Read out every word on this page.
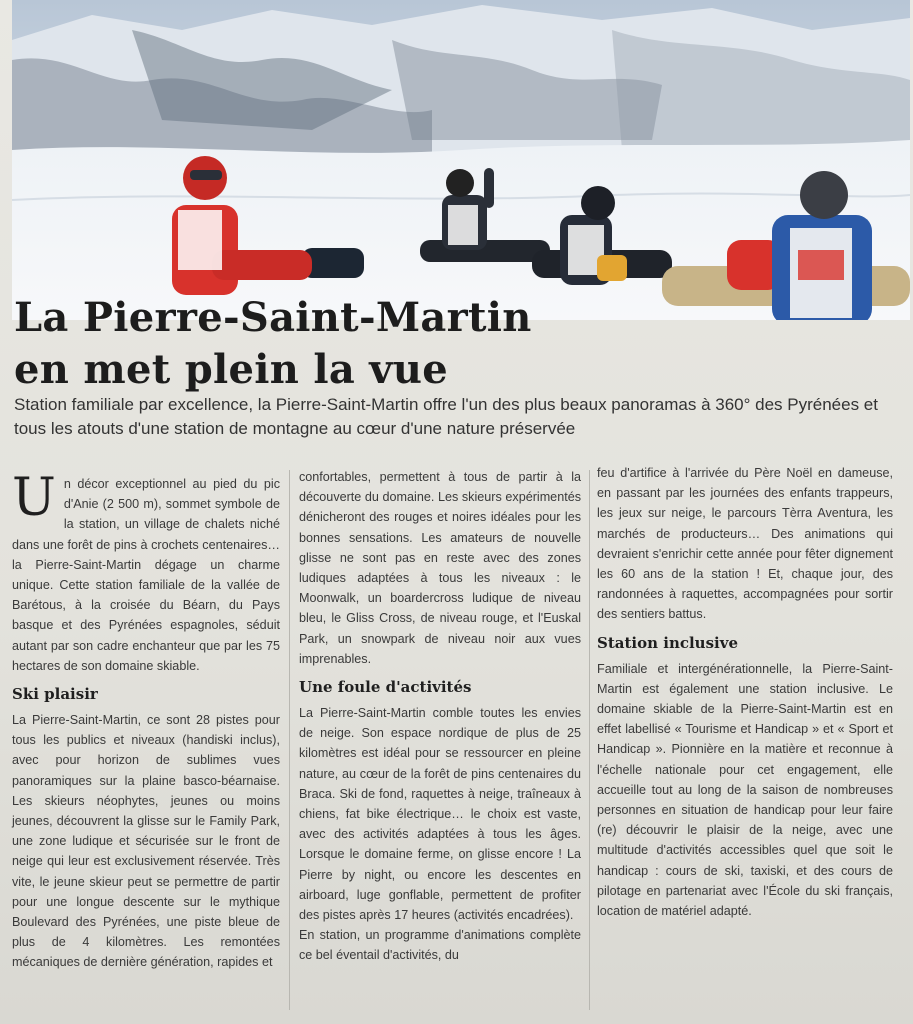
La Pierre-Saint-Martin
en met plein la vue

Station familiale par excellence, la Pierre-Saint-Martin offre l'un des plus beaux panoramas à 360° des Pyrénées et tous les atouts d'une station de montagne au cœur d'une nature préservée

Un décor exceptionnel au pied du pic d'Anie (2 500 m), sommet symbole de la station, un village de chalets niché dans une forêt de pins à crochets centenaires… la Pierre-Saint-Martin dégage un charme unique. Cette station familiale de la vallée de Barétous, à la croisée du Béarn, du Pays basque et des Pyrénées espagnoles, séduit autant par son cadre enchanteur que par les 75 hectares de son domaine skiable.

Ski plaisir

La Pierre-Saint-Martin, ce sont 28 pistes pour tous les publics et niveaux (handiski inclus), avec pour horizon de sublimes vues panoramiques sur la plaine basco-béarnaise. Les skieurs néophytes, jeunes ou moins jeunes, découvrent la glisse sur le Family Park, une zone ludique et sécurisée sur le front de neige qui leur est exclusivement réservée. Très vite, le jeune skieur peut se permettre de partir pour une longue descente sur le mythique Boulevard des Pyrénées, une piste bleue de plus de 4 kilomètres. Les remontées mécaniques de dernière génération, rapides et

confortables, permettent à tous de partir à la découverte du domaine. Les skieurs expérimentés dénicheront des rouges et noires idéales pour les bonnes sensations. Les amateurs de nouvelle glisse ne sont pas en reste avec des zones ludiques adaptées à tous les niveaux : le Moonwalk, un boardercross ludique de niveau bleu, le Gliss Cross, de niveau rouge, et l'Euskal Park, un snowpark de niveau noir aux vues imprenables.

Une foule d'activités

La Pierre-Saint-Martin comble toutes les envies de neige. Son espace nordique de plus de 25 kilomètres est idéal pour se ressourcer en pleine nature, au cœur de la forêt de pins centenaires du Braca. Ski de fond, raquettes à neige, traîneaux à chiens, fat bike électrique… le choix est vaste, avec des activités adaptées à tous les âges. Lorsque le domaine ferme, on glisse encore ! La Pierre by night, ou encore les descentes en airboard, luge gonflable, permettent de profiter des pistes après 17 heures (activités encadrées).

En station, un programme d'animations complète ce bel éventail d'activités, du

feu d'artifice à l'arrivée du Père Noël en dameuse, en passant par les journées des enfants trappeurs, les jeux sur neige, le parcours Tèrra Aventura, les marchés de producteurs… Des animations qui devraient s'enrichir cette année pour fêter dignement les 60 ans de la station ! Et, chaque jour, des randonnées à raquettes, accompagnées pour sortir des sentiers battus.

Station inclusive

Familiale et intergénérationnelle, la Pierre-Saint-Martin est également une station inclusive. Le domaine skiable de la Pierre-Saint-Martin est en effet labellisé « Tourisme et Handicap » et « Sport et Handicap ». Pionnière en la matière et reconnue à l'échelle nationale pour cet engagement, elle accueille tout au long de la saison de nombreuses personnes en situation de handicap pour leur faire (re) découvrir le plaisir de la neige, avec une multitude d'activités accessibles quel que soit le handicap : cours de ski, taxiski, et des cours de pilotage en partenariat avec l'École du ski français, location de matériel adapté.
